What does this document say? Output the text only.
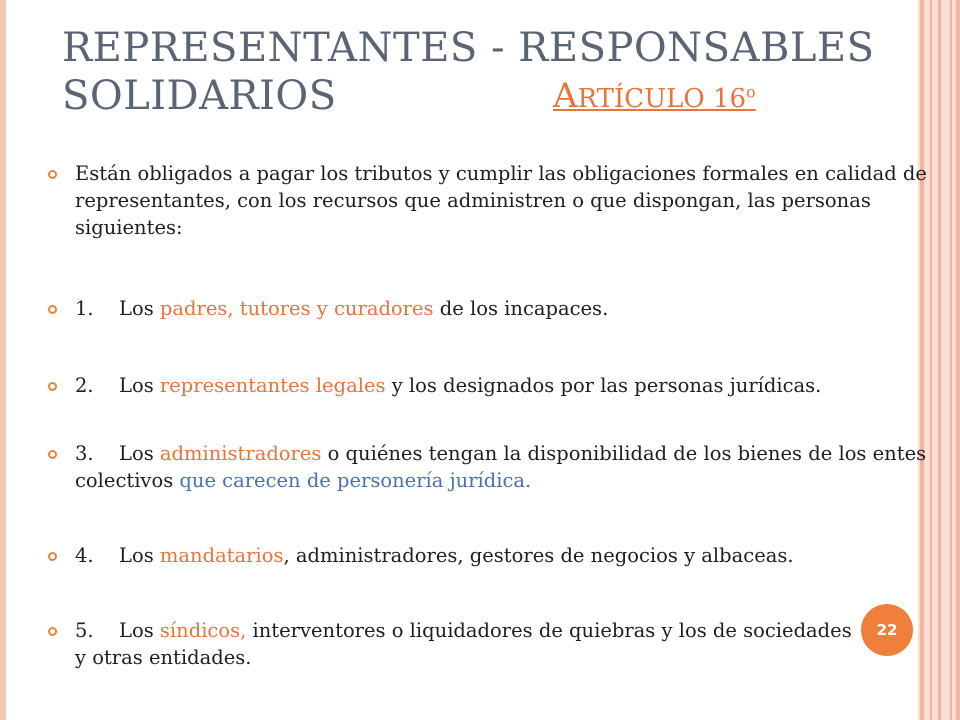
REPRESENTANTES - RESPONSABLES
SOLIDARIOS	ARTÍCULO 16$^o$
Están obligados a pagar los tributos y cumplir las obligaciones formales en calidad de representantes, con los recursos que administren o que dispongan, las personas siguientes:
1. Los padres, tutores y curadores de los incapaces.
2. Los representantes legales y los designados por las personas jurídicas.
3. Los administradores o quiénes tengan la disponibilidad de los bienes de los entes colectivos que carecen de personería jurídica.
4. Los mandatarios, administradores, gestores de negocios y albaceas.
5. Los síndicos, interventores o liquidadores de quiebras y los de sociedades y otras entidades.
22
